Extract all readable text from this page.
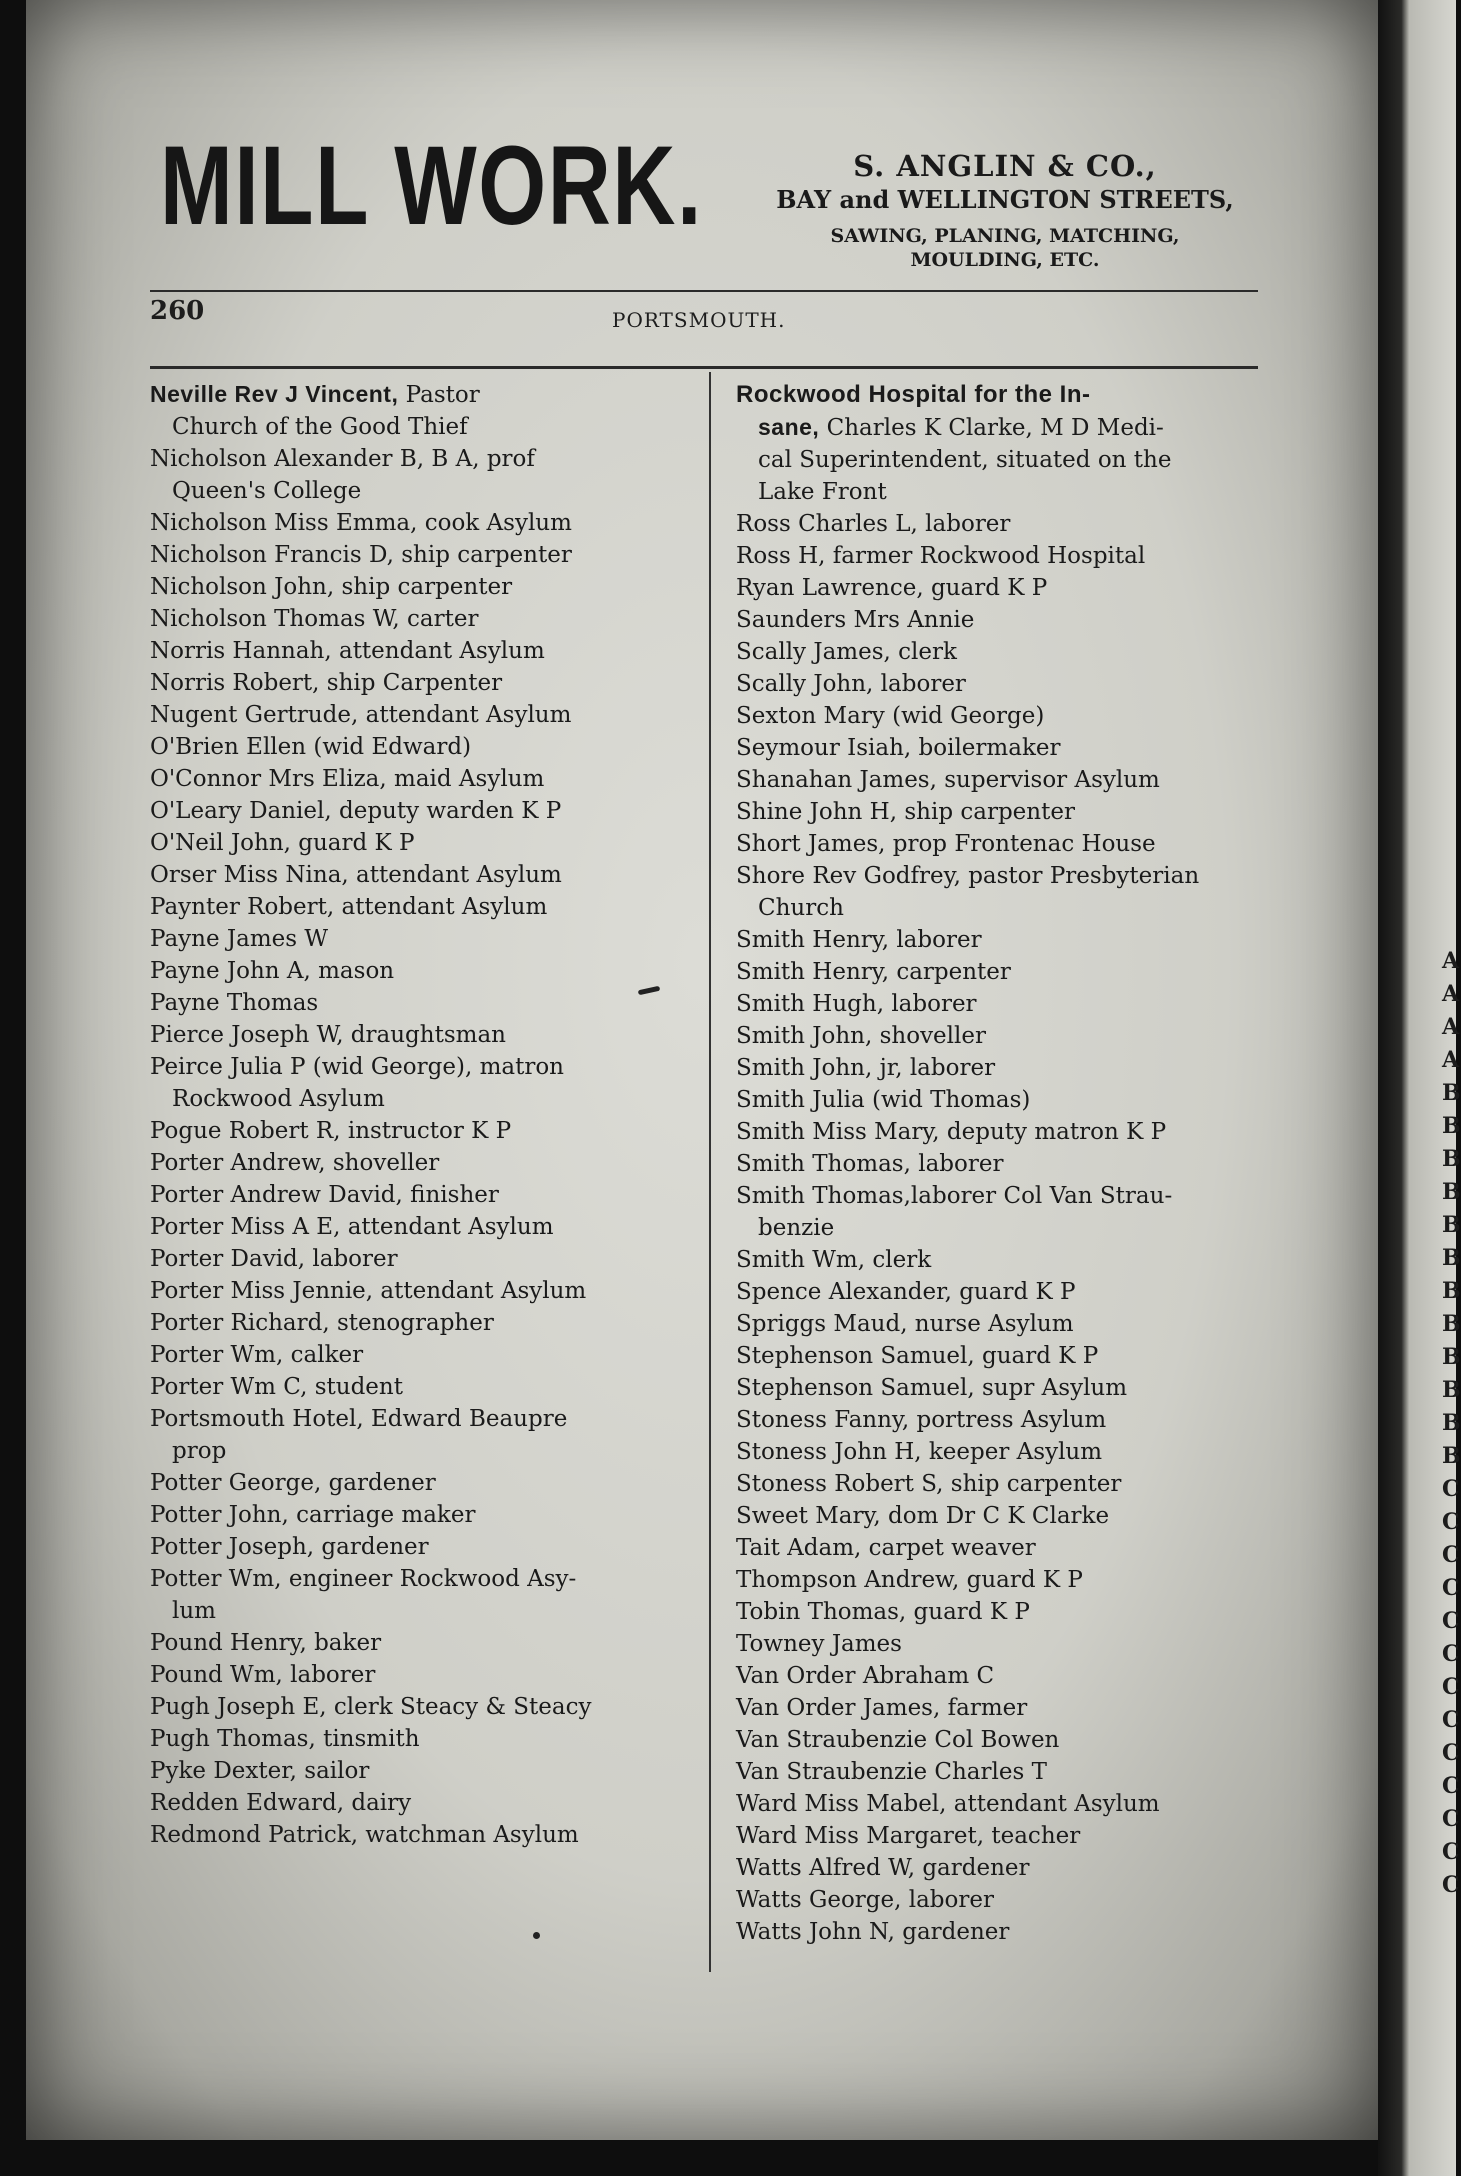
A
A
A
A
B
B
B
B
B
B
B
B
B
B
B
B
C
C
C
C
C
C
C
C
C
C
C
C
C
MILL WORK.	S. ANGLIN & CO.,
BAY and WELLINGTON STREETS,
SAWING, PLANING, MATCHING,
MOULDING, ETC.
260	PORTSMOUTH.
Neville Rev J Vincent, Pastor
Church of the Good Thief
Nicholson Alexander B, B A, prof
Queen's College
Nicholson Miss Emma, cook Asylum
Nicholson Francis D, ship carpenter
Nicholson John, ship carpenter
Nicholson Thomas W, carter
Norris Hannah, attendant Asylum
Norris Robert, ship Carpenter
Nugent Gertrude, attendant Asylum
O'Brien Ellen (wid Edward)
O'Connor Mrs Eliza, maid Asylum
O'Leary Daniel, deputy warden K P
O'Neil John, guard K P
Orser Miss Nina, attendant Asylum
Paynter Robert, attendant Asylum
Payne James W
Payne John A, mason
Payne Thomas
Pierce Joseph W, draughtsman
Peirce Julia P (wid George), matron
Rockwood Asylum
Pogue Robert R, instructor K P
Porter Andrew, shoveller
Porter Andrew David, finisher
Porter Miss A E, attendant Asylum
Porter David, laborer
Porter Miss Jennie, attendant Asylum
Porter Richard, stenographer
Porter Wm, calker
Porter Wm C, student
Portsmouth Hotel, Edward Beaupre
prop
Potter George, gardener
Potter John, carriage maker
Potter Joseph, gardener
Potter Wm, engineer Rockwood Asy-
lum
Pound Henry, baker
Pound Wm, laborer
Pugh Joseph E, clerk Steacy & Steacy
Pugh Thomas, tinsmith
Pyke Dexter, sailor
Redden Edward, dairy
Redmond Patrick, watchman Asylum
Rockwood Hospital for the In-
sane, Charles K Clarke, M D Medi-
cal Superintendent, situated on the
Lake Front
Ross Charles L, laborer
Ross H, farmer Rockwood Hospital
Ryan Lawrence, guard K P
Saunders Mrs Annie
Scally James, clerk
Scally John, laborer
Sexton Mary (wid George)
Seymour Isiah, boilermaker
Shanahan James, supervisor Asylum
Shine John H, ship carpenter
Short James, prop Frontenac House
Shore Rev Godfrey, pastor Presbyterian
Church
Smith Henry, laborer
Smith Henry, carpenter
Smith Hugh, laborer
Smith John, shoveller
Smith John, jr, laborer
Smith Julia (wid Thomas)
Smith Miss Mary, deputy matron K P
Smith Thomas, laborer
Smith Thomas,laborer Col Van Strau-
benzie
Smith Wm, clerk
Spence Alexander, guard K P
Spriggs Maud, nurse Asylum
Stephenson Samuel, guard K P
Stephenson Samuel, supr Asylum
Stoness Fanny, portress Asylum
Stoness John H, keeper Asylum
Stoness Robert S, ship carpenter
Sweet Mary, dom Dr C K Clarke
Tait Adam, carpet weaver
Thompson Andrew, guard K P
Tobin Thomas, guard K P
Towney James
Van Order Abraham C
Van Order James, farmer
Van Straubenzie Col Bowen
Van Straubenzie Charles T
Ward Miss Mabel, attendant Asylum
Ward Miss Margaret, teacher
Watts Alfred W, gardener
Watts George, laborer
Watts John N, gardener
